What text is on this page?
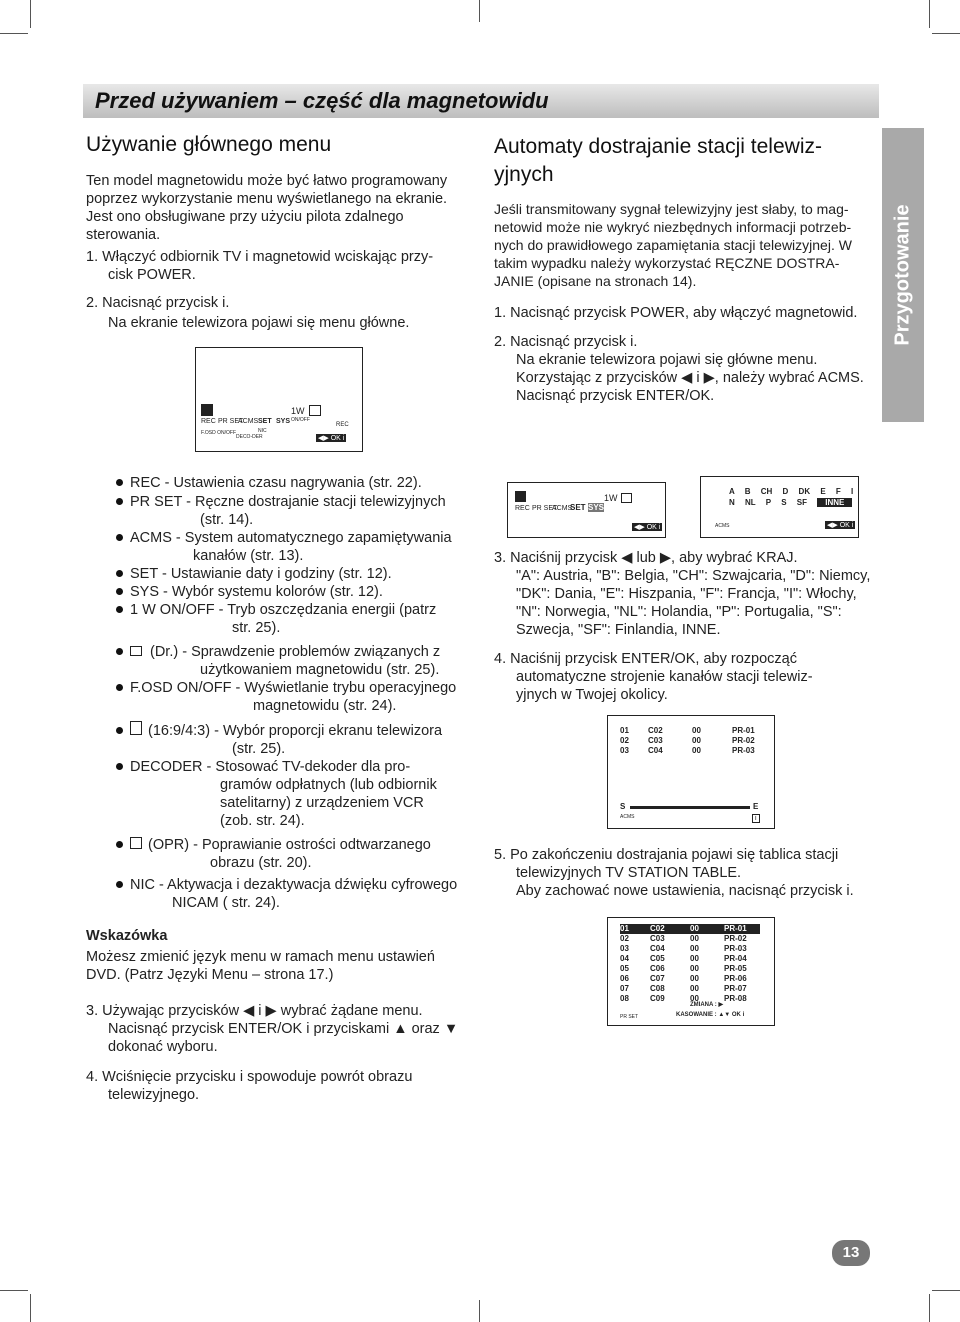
Przed używaniem – część dla magnetowidu
Przygotowanie
Używanie głównego menu
Ten model magnetowidu może być łatwo programowany
poprzez wykorzystanie menu wyświetlanego na ekranie.
Jest ono obsługiwane przy użyciu pilota zdalnego
sterowania.
1. Włączyć odbiornik TV i magnetowid wciskając przy-
cisk POWER.
2. Nacisnąć przycisk i.
Na ekranie telewizora pojawi się menu główne.
REC PR SET
ACMS SET SYS
1W
ON/OFF
F.OSD ON/OFF
DECO-DER
NIC
REC
◀▶ OK i
REC - Ustawienia czasu nagrywania (str. 22).
PR SET - Ręczne dostrajanie stacji telewizyjnych
(str. 14).
ACMS - System automatycznego zapamiętywania
kanałów (str. 13).
SET - Ustawianie daty i godziny (str. 12).
SYS - Wybór systemu kolorów (str. 12).
1 W ON/OFF - Tryb oszczędzania energii (patrz
str. 25).
(Dr.) - Sprawdzenie problemów związanych z
użytkowaniem magnetowidu (str. 25).
F.OSD ON/OFF - Wyświetlanie trybu operacyjnego
magnetowidu (str. 24).
(16:9/4:3) - Wybór proporcji ekranu telewizora
(str. 25).
DECODER - Stosować TV-dekoder dla pro-
gramów odpłatnych (lub odbiornik
satelitarny) z urządzeniem VCR
(zob. str. 24).
(OPR) - Poprawianie ostrości odtwarzanego
obrazu (str. 20).
NIC - Aktywacja i dezaktywacja dźwięku cyfrowego
NICAM ( str. 24).
Wskazówka
Możesz zmienić język menu w ramach menu ustawień
DVD. (Patrz Języki Menu – strona 17.)
3. Używając przycisków ◀ i ▶ wybrać żądane menu.
Nacisnąć przycisk ENTER/OK i przyciskami ▲ oraz ▼
dokonać wyboru.
4. Wciśnięcie przycisku i spowoduje powrót obrazu
telewizyjnego.
Automaty dostrajanie stacji telewiz-
yjnych
Jeśli transmitowany sygnał telewizyjny jest słaby, to mag-
netowid może nie wykryć niezbędnych informacji potrzeb-
nych do prawidłowego zapamiętania stacji telewizyjnej. W
takim wypadku należy wykorzystać RĘCZNE DOSTRA-
JANIE (opisane na stronach 14).
1. Nacisnąć przycisk POWER, aby włączyć magnetowid.
2. Nacisnąć przycisk i.
Na ekranie telewizora pojawi się główne menu.
Korzystając z przycisków ◀ i ▶, należy wybrać ACMS.
Nacisnąć przycisk ENTER/OK.
REC PR SET
ACMS
SET SYS
1W
◀▶ OK i
A B CH D DK E F I
N NL P S SF INNE
ACMS	◀▶ OK i
3. Naciśnij przycisk ◀ lub ▶, aby wybrać KRAJ.
"A": Austria, "B": Belgia, "CH": Szwajcaria, "D": Niemcy,
"DK": Dania, "E": Hiszpania, "F": Francja, "I": Włochy,
"N": Norwegia, "NL": Holandia, "P": Portugalia, "S":
Szwecja, "SF": Finlandia, INNE.
4. Naciśnij przycisk ENTER/OK, aby rozpocząć
automatyczne strojenie kanałów stacji telewiz-
yjnych w Twojej okolicy.
01 C02	00	PR-01
02 C03	00	PR-02
03 C04	00	PR-03
S	E
ACMS	i
5. Po zakończeniu dostrajania pojawi się tablica stacji
telewizyjnych TV STATION TABLE.
Aby zachować nowe ustawienia, nacisnąć przycisk i.
01	C02	00	PR-01
02	C03	00	PR-02
03	C04	00	PR-03
04	C05	00	PR-04
05	C06	00	PR-05
06	C07	00	PR-06
07	C08	00	PR-07
08	C09	00	PR-08
PR SET
ZMIANA : ▶
KASOWANIE : ▲▼ OK i
13
